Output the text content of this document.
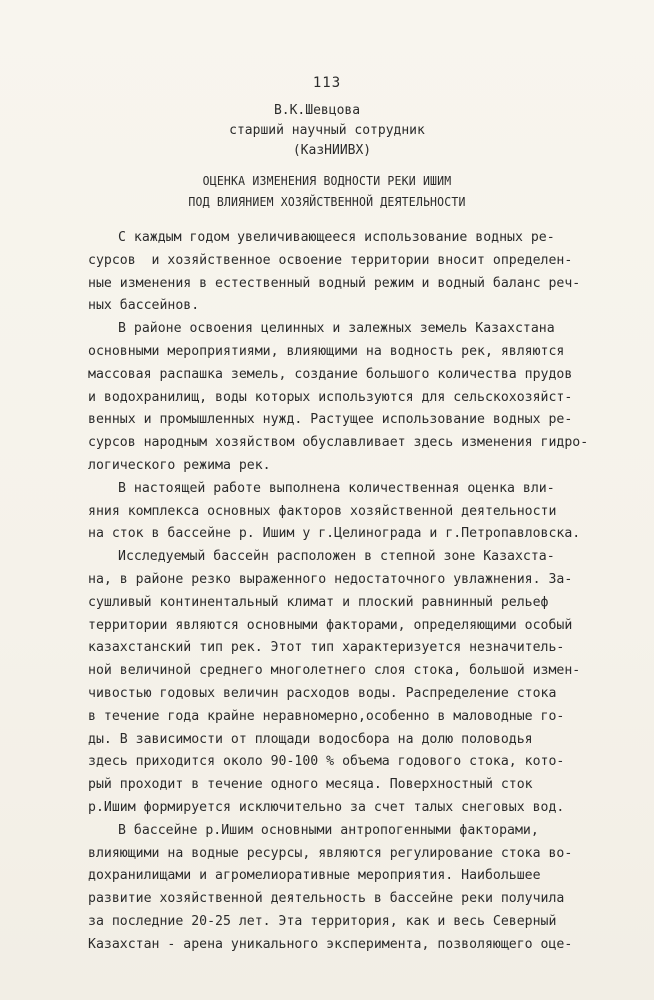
113
В.К.Шевцова
старший научный сотрудник
(КазНИИВХ)
ОЦЕНКА ИЗМЕНЕНИЯ ВОДНОСТИ РЕКИ ИШИМ
ПОД ВЛИЯНИЕМ ХОЗЯЙСТВЕННОЙ ДЕЯТЕЛЬНОСТИ
С каждым годом увеличивающееся использование водных ре-
сурсов  и хозяйственное освоение территории вносит определен-
ные изменения в естественный водный режим и водный баланс реч-
ных бассейнов.
В районе освоения целинных и залежных земель Казахстана
основными мероприятиями, влияющими на водность рек, являются
массовая распашка земель, создание большого количества прудов
и водохранилищ, воды которых используются для сельскохозяйст-
венных и промышленных нужд. Растущее использование водных ре-
сурсов народным хозяйством обуславливает здесь изменения гидро-
логического режима рек.
В настоящей работе выполнена количественная оценка вли-
яния комплекса основных факторов хозяйственной деятельности
на сток в бассейне р. Ишим у г.Целинограда и г.Петропавловска.
Исследуемый бассейн расположен в степной зоне Казахста-
на, в районе резко выраженного недостаточного увлажнения. За-
сушливый континентальный климат и плоский равнинный рельеф
территории являются основными факторами, определяющими особый
казахстанский тип рек. Этот тип характеризуется незначитель-
ной величиной среднего многолетнего слоя стока, большой измен-
чивостью годовых величин расходов воды. Распределение стока
в течение года крайне неравномерно,особенно в маловодные го-
ды. В зависимости от площади водосбора на долю половодья
здесь приходится около 90-100 % объема годового стока, кото-
рый проходит в течение одного месяца. Поверхностный сток
р.Ишим формируется исключительно за счет талых снеговых вод.
В бассейне р.Ишим основными антропогенными факторами,
влияющими на водные ресурсы, являются регулирование стока во-
дохранилищами и агромелиоративные мероприятия. Наибольшее
развитие хозяйственной деятельность в бассейне реки получила
за последние 20-25 лет. Эта территория, как и весь Северный
Казахстан - арена уникального эксперимента, позволяющего оце-
